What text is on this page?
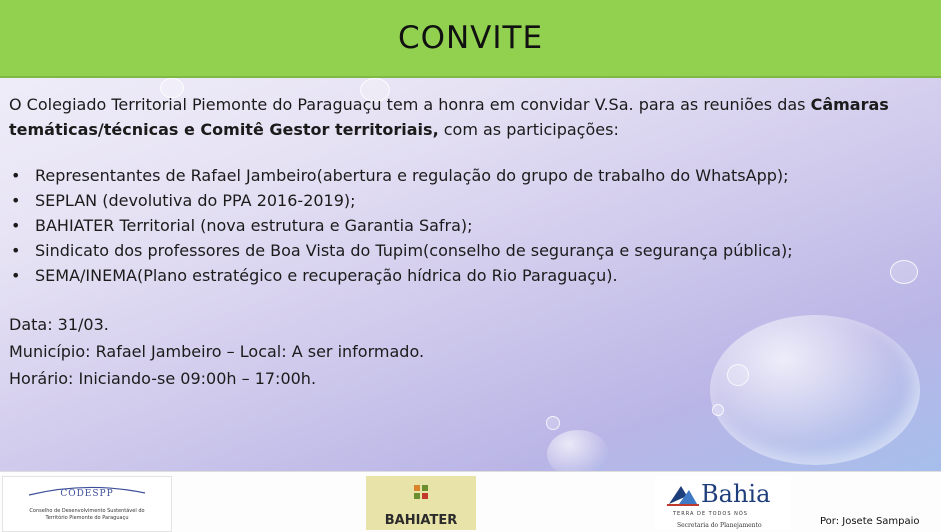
CONVITE

O Colegiado Territorial Piemonte do Paraguaçu tem a honra em convidar V.Sa. para as reuniões das Câmaras temáticas/técnicas e Comitê Gestor territoriais, com as participações:

• Representantes de Rafael Jambeiro(abertura e regulação do grupo de trabalho do WhatsApp);
• SEPLAN (devolutiva do PPA 2016-2019);
• BAHIATER Territorial (nova estrutura e Garantia Safra);
• Sindicato dos professores de Boa Vista do Tupim(conselho de segurança e segurança pública);
• SEMA/INEMA(Plano estratégico e recuperação hídrica do Rio Paraguaçu).
Data: 31/03.
Município: Rafael Jambeiro – Local: A ser informado.
Horário: Iniciando-se 09:00h – 17:00h.
CODESPP
Conselho de Desenvolvimento Sustentável do
Território Piemonte do Paraguaçu	BAHIATER
Bahia
TERRA DE TODOS NÓS
Secretaria do Planejamento	Por: Josete Sampaio
